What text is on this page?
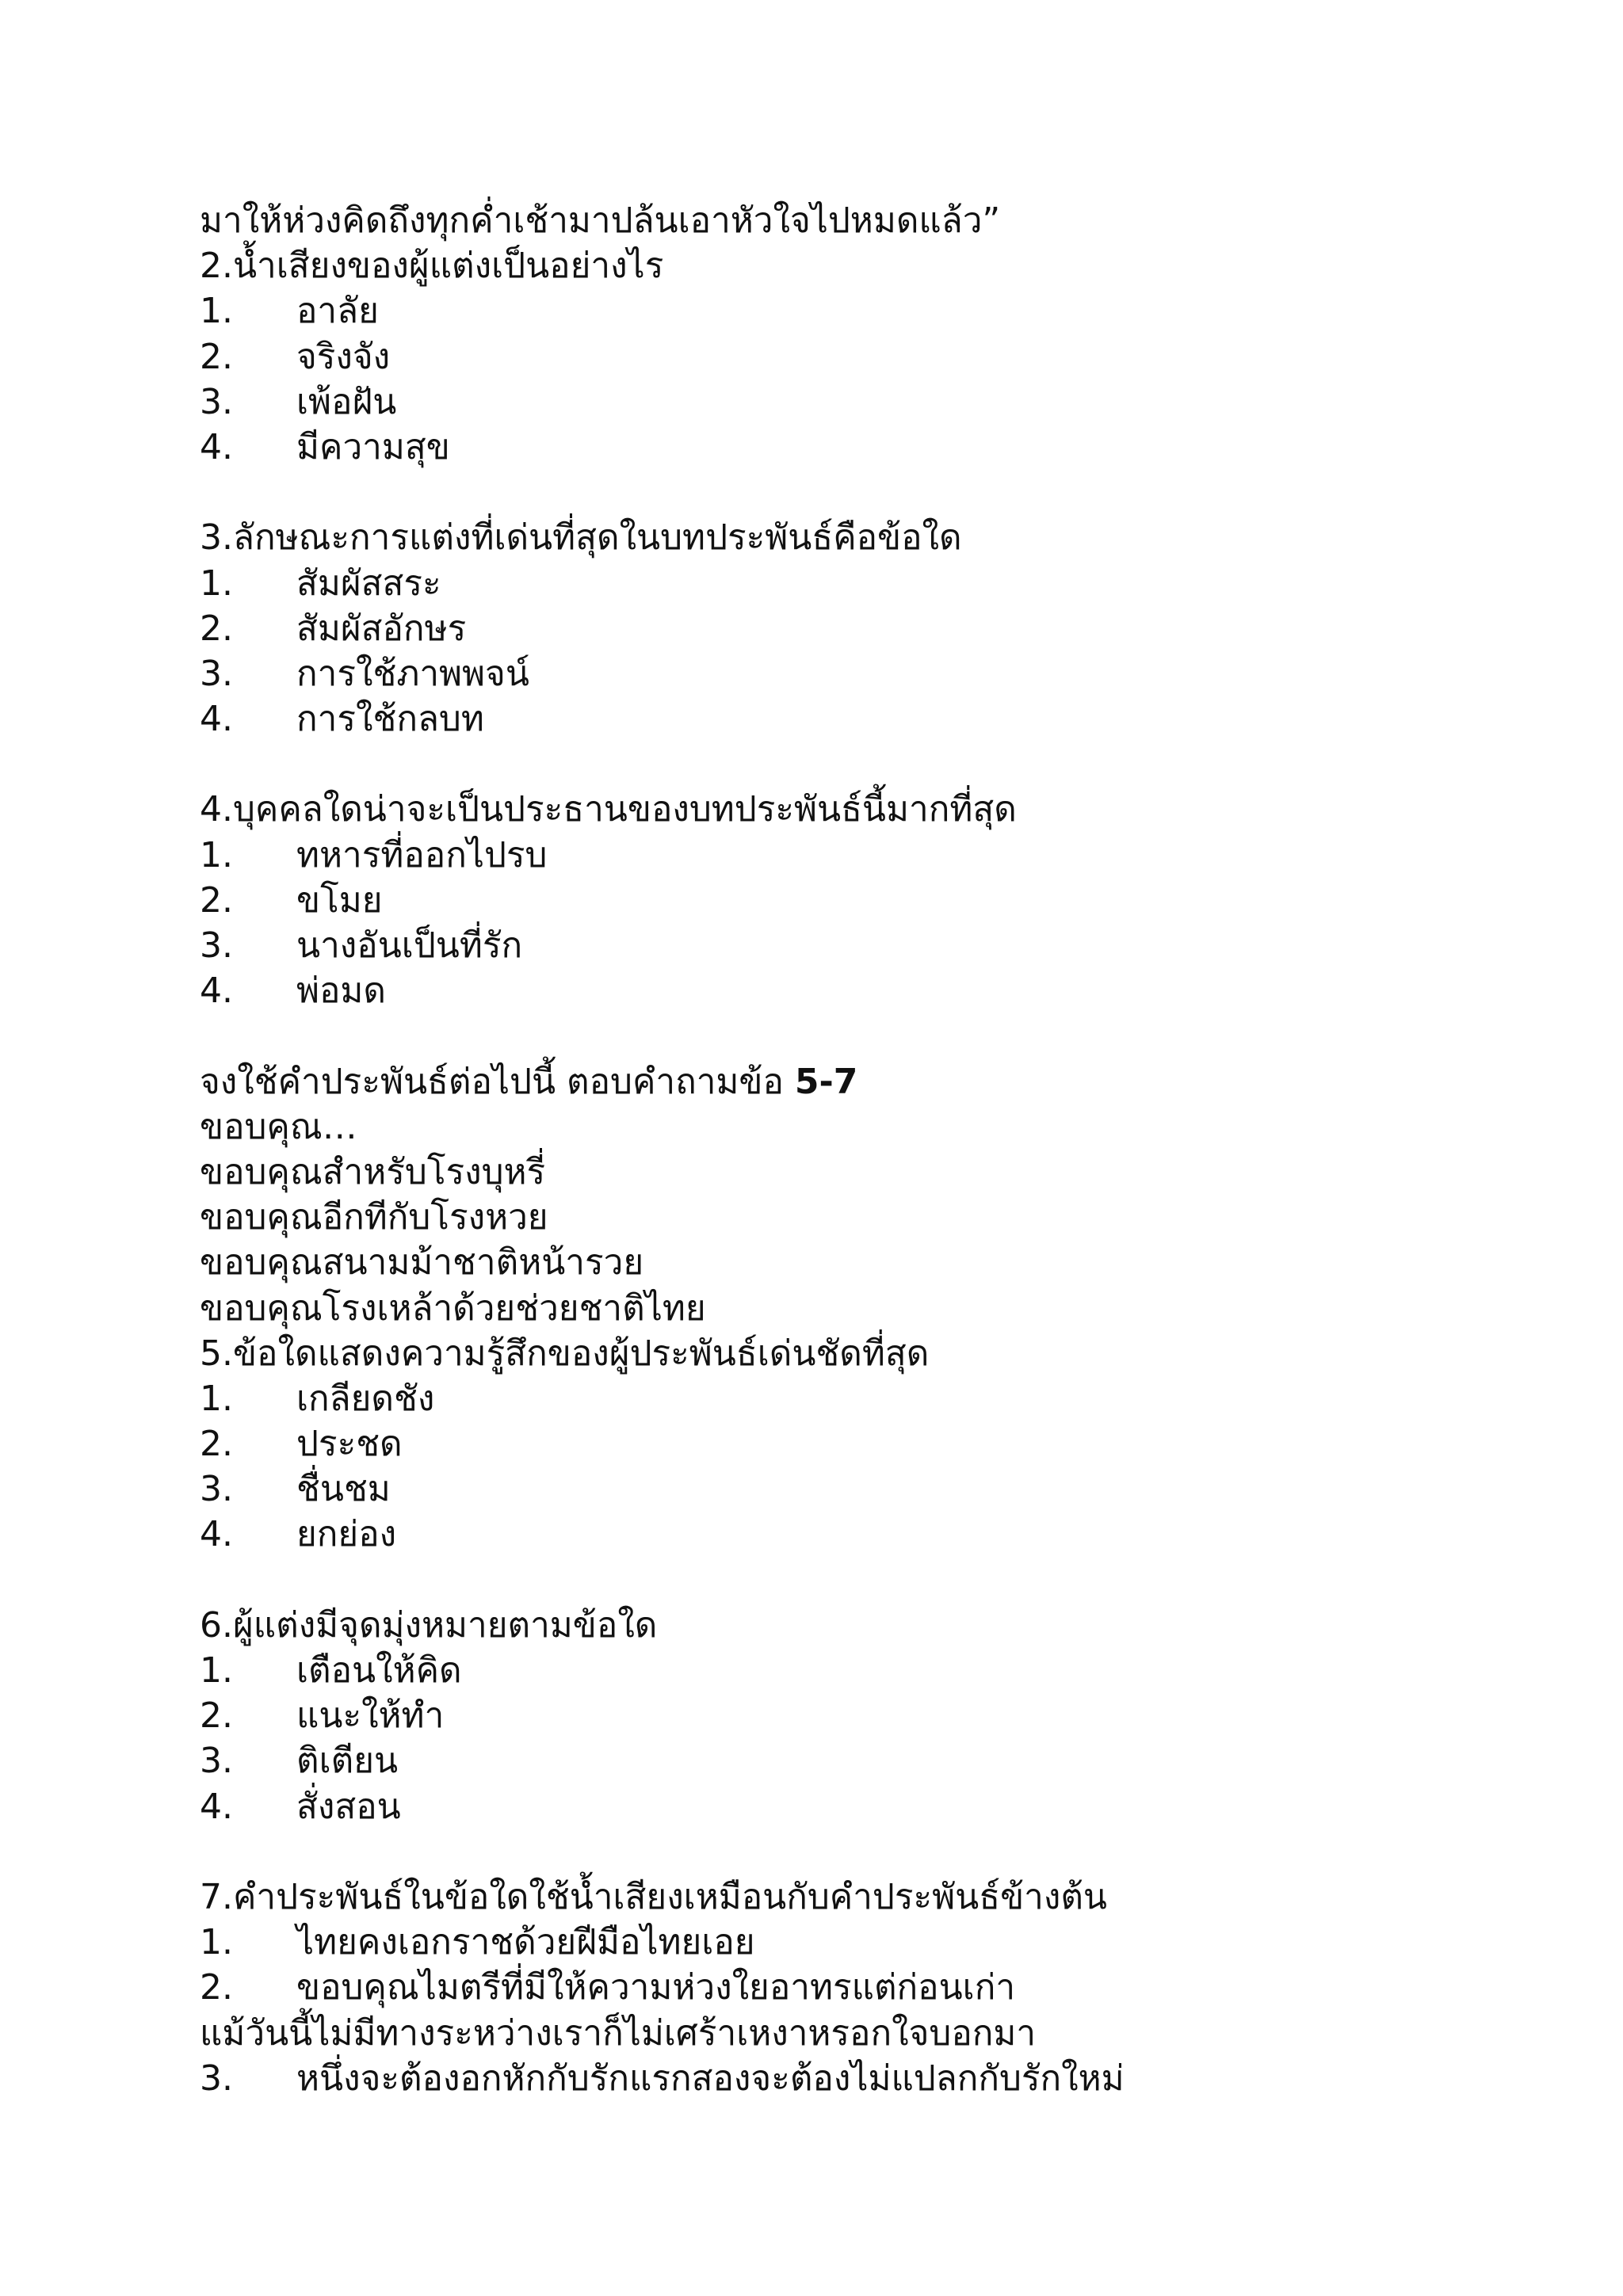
มาให้ห่วงคิดถึงทุกค่ำเช้ามาปล้นเอาหัวใจไปหมดแล้ว”
2.น้ำเสียงของผู้แต่งเป็นอย่างไร
1.	อาลัย
2.	จริงจัง
3.	เพ้อฝัน
4.	มีความสุข
3.ลักษณะการแต่งที่เด่นที่สุดในบทประพันธ์คือข้อใด
1.	สัมผัสสระ
2.	สัมผัสอักษร
3.	การใช้ภาพพจน์
4.	การใช้กลบท
4.บุคคลใดน่าจะเป็นประธานของบทประพันธ์นี้มากที่สุด
1.	ทหารที่ออกไปรบ
2.	ขโมย
3.	นางอันเป็นที่รัก
4.	พ่อมด
จงใช้คำประพันธ์ต่อไปนี้ ตอบคำถามข้อ 5-7
ขอบคุณ…
ขอบคุณสำหรับโรงบุหรี่
ขอบคุณอีกทีกับโรงหวย
ขอบคุณสนามม้าชาติหน้ารวย
ขอบคุณโรงเหล้าด้วยช่วยชาติไทย
5.ข้อใดแสดงความรู้สึกของผู้ประพันธ์เด่นชัดที่สุด
1.	เกลียดชัง
2.	ประชด
3.	ชื่นชม
4.	ยกย่อง
6.ผู้แต่งมีจุดมุ่งหมายตามข้อใด
1.	เตือนให้คิด
2.	แนะให้ทำ
3.	ติเตียน
4.	สั่งสอน
7.คำประพันธ์ในข้อใดใช้น้ำเสียงเหมือนกับคำประพันธ์ข้างต้น
1.	ไทยคงเอกราชด้วยฝีมือไทยเอย
2.	ขอบคุณไมตรีที่มีให้ความห่วงใยอาทรแต่ก่อนเก่า
แม้วันนี้ไม่มีทางระหว่างเราก็ไม่เศร้าเหงาหรอกใจบอกมา
3.	หนึ่งจะต้องอกหักกับรักแรกสองจะต้องไม่แปลกกับรักใหม่
